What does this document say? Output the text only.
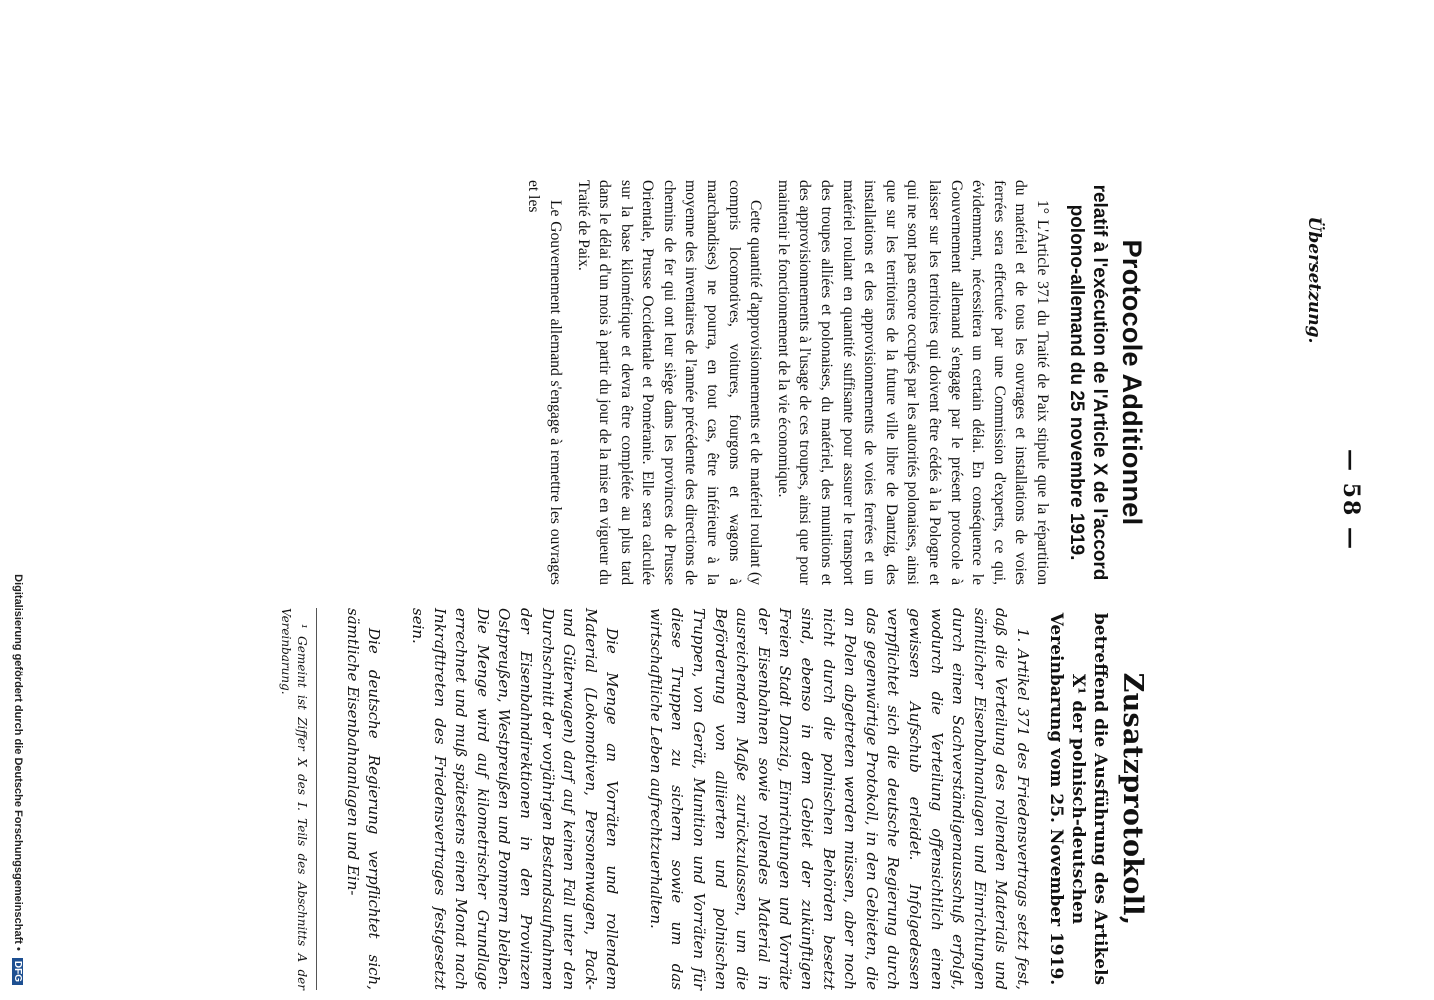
— 58 —
Übersetzung.
Protocole Additionnel
relatif à l'exécution de l'Article X de l'accord polono-allemand du 25 novembre 1919.

1° L'Article 371 du Traité de Paix stipule que la répartition du matériel et de tous les ouvrages et installations de voies ferrées sera effectuée par une Commission d'experts, ce qui, évidemment, nécessitera un certain délai. En conséquence le Gouvernement allemand s'engage par le présent protocole à laisser sur les territoires qui doivent être cédés à la Pologne et qui ne sont pas encore occupés par les autorités polonaises, ainsi que sur les territoires de la future ville libre de Dantzig, des installations et des approvisionnements de voies ferrées et un matériel roulant en quantité suffisante pour assurer le transport des troupes alliées et polonaises, du matériel, des munitions et des approvisionnements à l'usage de ces troupes, ainsi que pour maintenir le fonctionnement de la vie économique.

Cette quantité d'approvisionnements et de matériel roulant (y compris locomotives, voitures, fourgons et wagons à marchandises) ne pourra, en tout cas, être inférieure à la moyenne des inventaires de l'année précédente des directions de chemins de fer qui ont leur siège dans les provinces de Prusse Orientale, Prusse Occidentale et Poméranie. Elle sera calculée sur la base kilométrique et devra être complétée au plus tard dans le délai d'un mois à partir du jour de la mise en vigueur du Traité de Paix.

Le Gouvernement allemand s'engage à remettre les ouvrages et les

Zusatzprotokoll,
betreffend die Ausführung des Artikels X¹ der polnisch-deutschen Vereinbarung vom 25. November 1919.

1. Artikel 371 des Friedensvertrags setzt fest, daß die Verteilung des rollenden Materials und sämtlicher Eisenbahnanlagen und Einrichtungen durch einen Sachverständigenausschuß erfolgt, wodurch die Verteilung offensichtlich einen gewissen Aufschub erleidet. Infolgedessen verpflichtet sich die deutsche Regierung durch das gegenwärtige Protokoll, in den Gebieten, die an Polen abgetreten werden müssen, aber noch nicht durch die polnischen Behörden besetzt sind, ebenso in dem Gebiet der zukünftigen Freien Stadt Danzig, Einrichtungen und Vorräte der Eisenbahnen sowie rollendes Material in ausreichendem Maße zurückzulassen, um die Beförderung von alliierten und polnischen Truppen, von Gerät, Munition und Vorräten für diese Truppen zu sichern sowie um das wirtschaftliche Leben aufrechtzuerhalten.

Die Menge an Vorräten und rollendem Material (Lokomotiven, Personenwagen, Pack- und Güterwagen) darf auf keinen Fall unter den Durchschnitt der vorjährigen Bestandsaufnahmen der Eisenbahndirektionen in den Provinzen Ostpreußen, Westpreußen und Pommern bleiben. Die Menge wird auf kilometrischer Grundlage errechnet und muß spätestens einen Monat nach Inkrafttreten des Friedensvertrages festgesetzt sein.

Die deutsche Regierung verpflichtet sich, sämtliche Eisenbahnanlagen und Ein-

¹ Gemeint ist Ziffer X des I. Teils des Abschnitts A der Vereinbarung.
Digitalisierung gefördert durch die Deutsche Forschungsgemeinschaft • DFG
